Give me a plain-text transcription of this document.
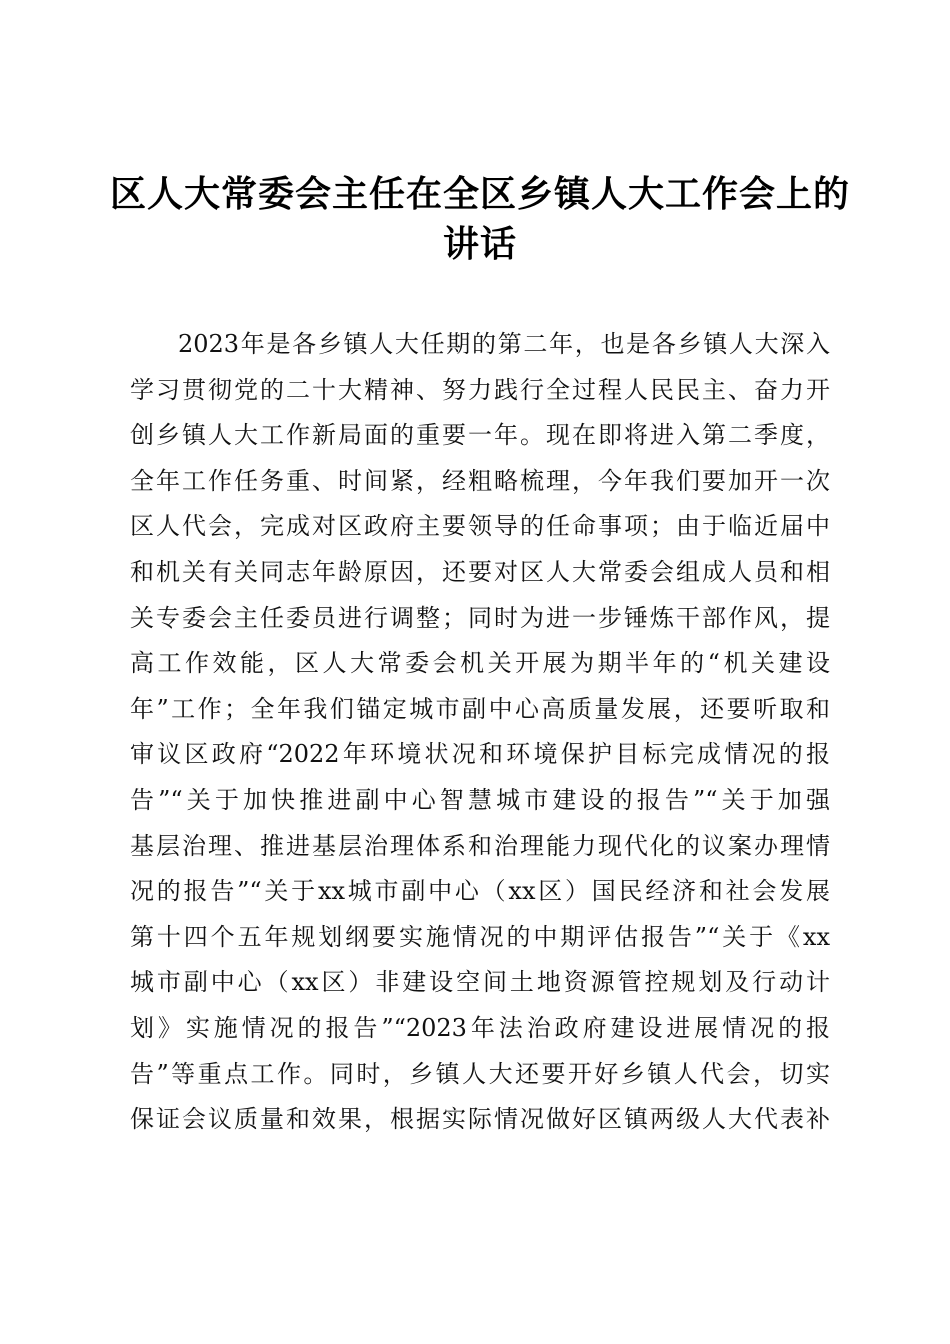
区人大常委会主任在全区乡镇人大工作会上的
讲话
2023年是各乡镇人大任期的第二年，也是各乡镇人大深入
学习贯彻党的二十大精神、努力践行全过程人民民主、奋力开
创乡镇人大工作新局面的重要一年。现在即将进入第二季度，
全年工作任务重、时间紧，经粗略梳理，今年我们要加开一次
区人代会，完成对区政府主要领导的任命事项；由于临近届中
和机关有关同志年龄原因，还要对区人大常委会组成人员和相
关专委会主任委员进行调整；同时为进一步锤炼干部作风，提
高工作效能，区人大常委会机关开展为期半年的“机关建设
年”工作；全年我们锚定城市副中心高质量发展，还要听取和
审议区政府“2022年环境状况和环境保护目标完成情况的报
告”“关于加快推进副中心智慧城市建设的报告”“关于加强
基层治理、推进基层治理体系和治理能力现代化的议案办理情
况的报告”“关于xx城市副中心（xx区）国民经济和社会发展
第十四个五年规划纲要实施情况的中期评估报告”“关于《xx
城市副中心（xx区）非建设空间土地资源管控规划及行动计
划》实施情况的报告”“2023年法治政府建设进展情况的报
告”等重点工作。同时，乡镇人大还要开好乡镇人代会，切实
保证会议质量和效果，根据实际情况做好区镇两级人大代表补
